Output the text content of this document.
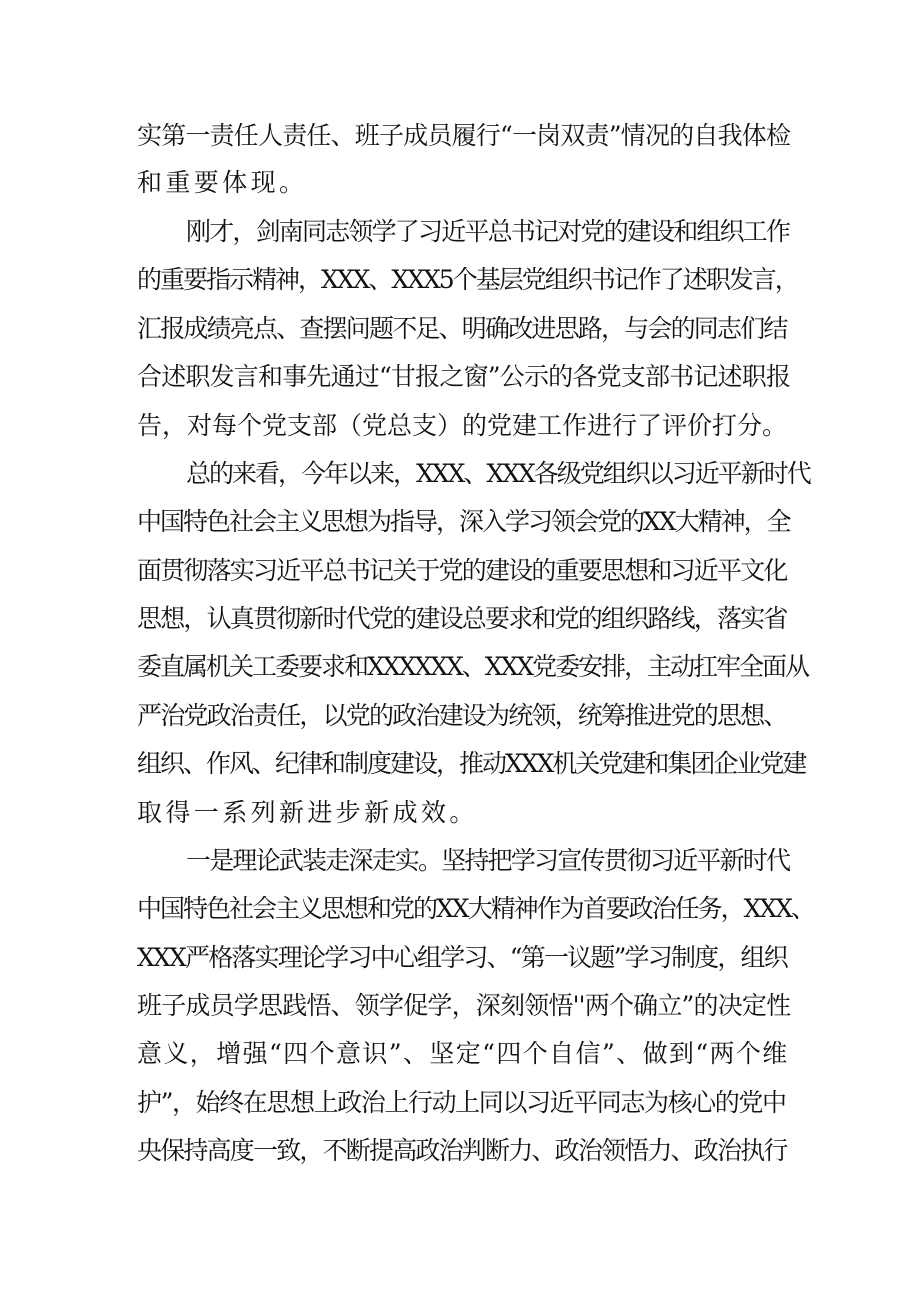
实第一责任人责任、班子成员履行“一岗双责”情况的自我体检
和重要体现。
刚才，剑南同志领学了习近平总书记对党的建设和组织工作
的重要指示精神，XXX、XXX5个基层党组织书记作了述职发言，
汇报成绩亮点、查摆问题不足、明确改进思路，与会的同志们结
合述职发言和事先通过“甘报之窗”公示的各党支部书记述职报
告，对每个党支部（党总支）的党建工作进行了评价打分。
总的来看，今年以来，XXX、XXX各级党组织以习近平新时代
中国特色社会主义思想为指导，深入学习领会党的XX大精神，全
面贯彻落实习近平总书记关于党的建设的重要思想和习近平文化
思想，认真贯彻新时代党的建设总要求和党的组织路线，落实省
委直属机关工委要求和XXXXXX、XXX党委安排，主动扛牢全面从
严治党政治责任，以党的政治建设为统领，统筹推进党的思想、
组织、作风、纪律和制度建设，推动XXX机关党建和集团企业党建
取得一系列新进步新成效。
一是理论武装走深走实。坚持把学习宣传贯彻习近平新时代
中国特色社会主义思想和党的XX大精神作为首要政治任务，XXX、
XXX严格落实理论学习中心组学习、“第一议题”学习制度，组织
班子成员学思践悟、领学促学，深刻领悟''两个确立”的决定性
意义，增强“四个意识”、坚定“四个自信”、做到“两个维
护”，始终在思想上政治上行动上同以习近平同志为核心的党中
央保持高度一致，不断提高政治判断力、政治领悟力、政治执行
